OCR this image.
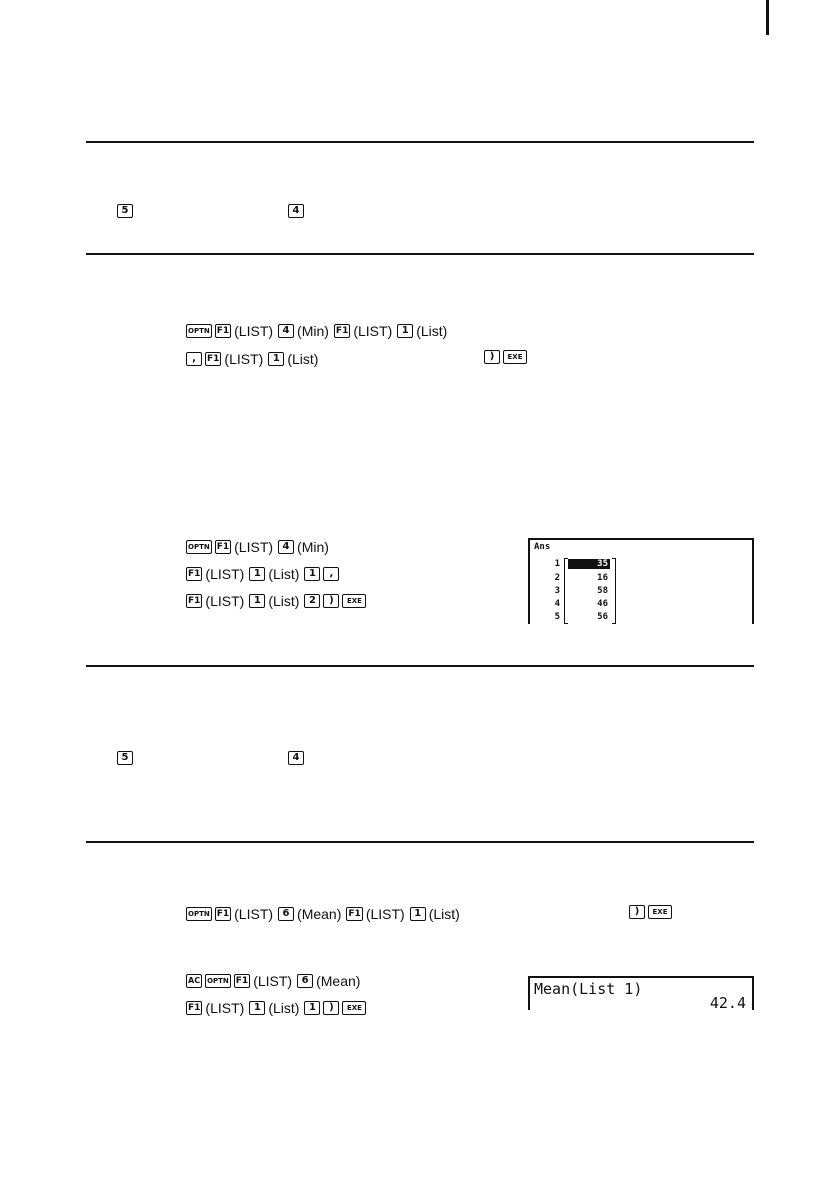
5	4
OPTN F1 (LIST) 4 (Min) F1 (LIST) 1 (List)
,	F1 (LIST) 1 (List)	)	EXE
OPTN F1 (LIST) 4 (Min)
F1 (LIST) 1 (List) 1	,
F1 (LIST) 1 (List) 2	)	EXE
Ans
1	35
2	16
3	58
4	46
5	56
5	4
OPTN F1 (LIST) 6 (Mean) F1 (LIST) 1 (List)	)	EXE
AC OPTN F1 (LIST) 6 (Mean)
F1 (LIST) 1 (List) 1	)	EXE
Mean(List 1)
42.4
